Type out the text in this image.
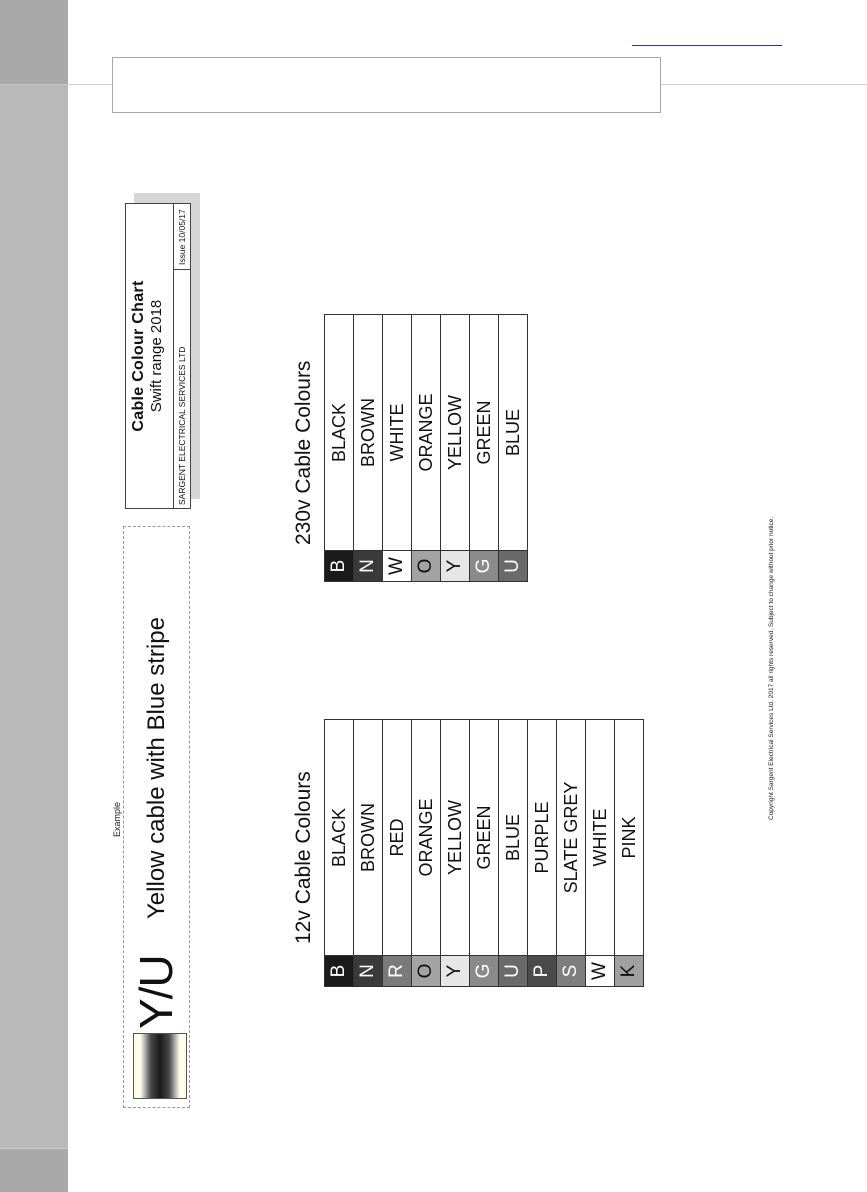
Cable Colour Chart Swift range 2018 SARGENT ELECTRICAL SERVICES LTD
Issue 10/05/17
Example
Y/U
Yellow cable with Blue stripe	12v Cable Colours
B	BLACK
N	BROWN
R	RED
O	ORANGE
Y	YELLOW
G	GREEN
U	BLUE
P	PURPLE
S	SLATE GREY
W	WHITE
K	PINK
230v Cable Colours
B	BLACK
N	BROWN
W	WHITE
O	ORANGE
Y	YELLOW
G	GREEN
U	BLUE
Copyright Sargent Electrical Services Ltd, 2017 all rights reserved. Subject to change without prior notice.
